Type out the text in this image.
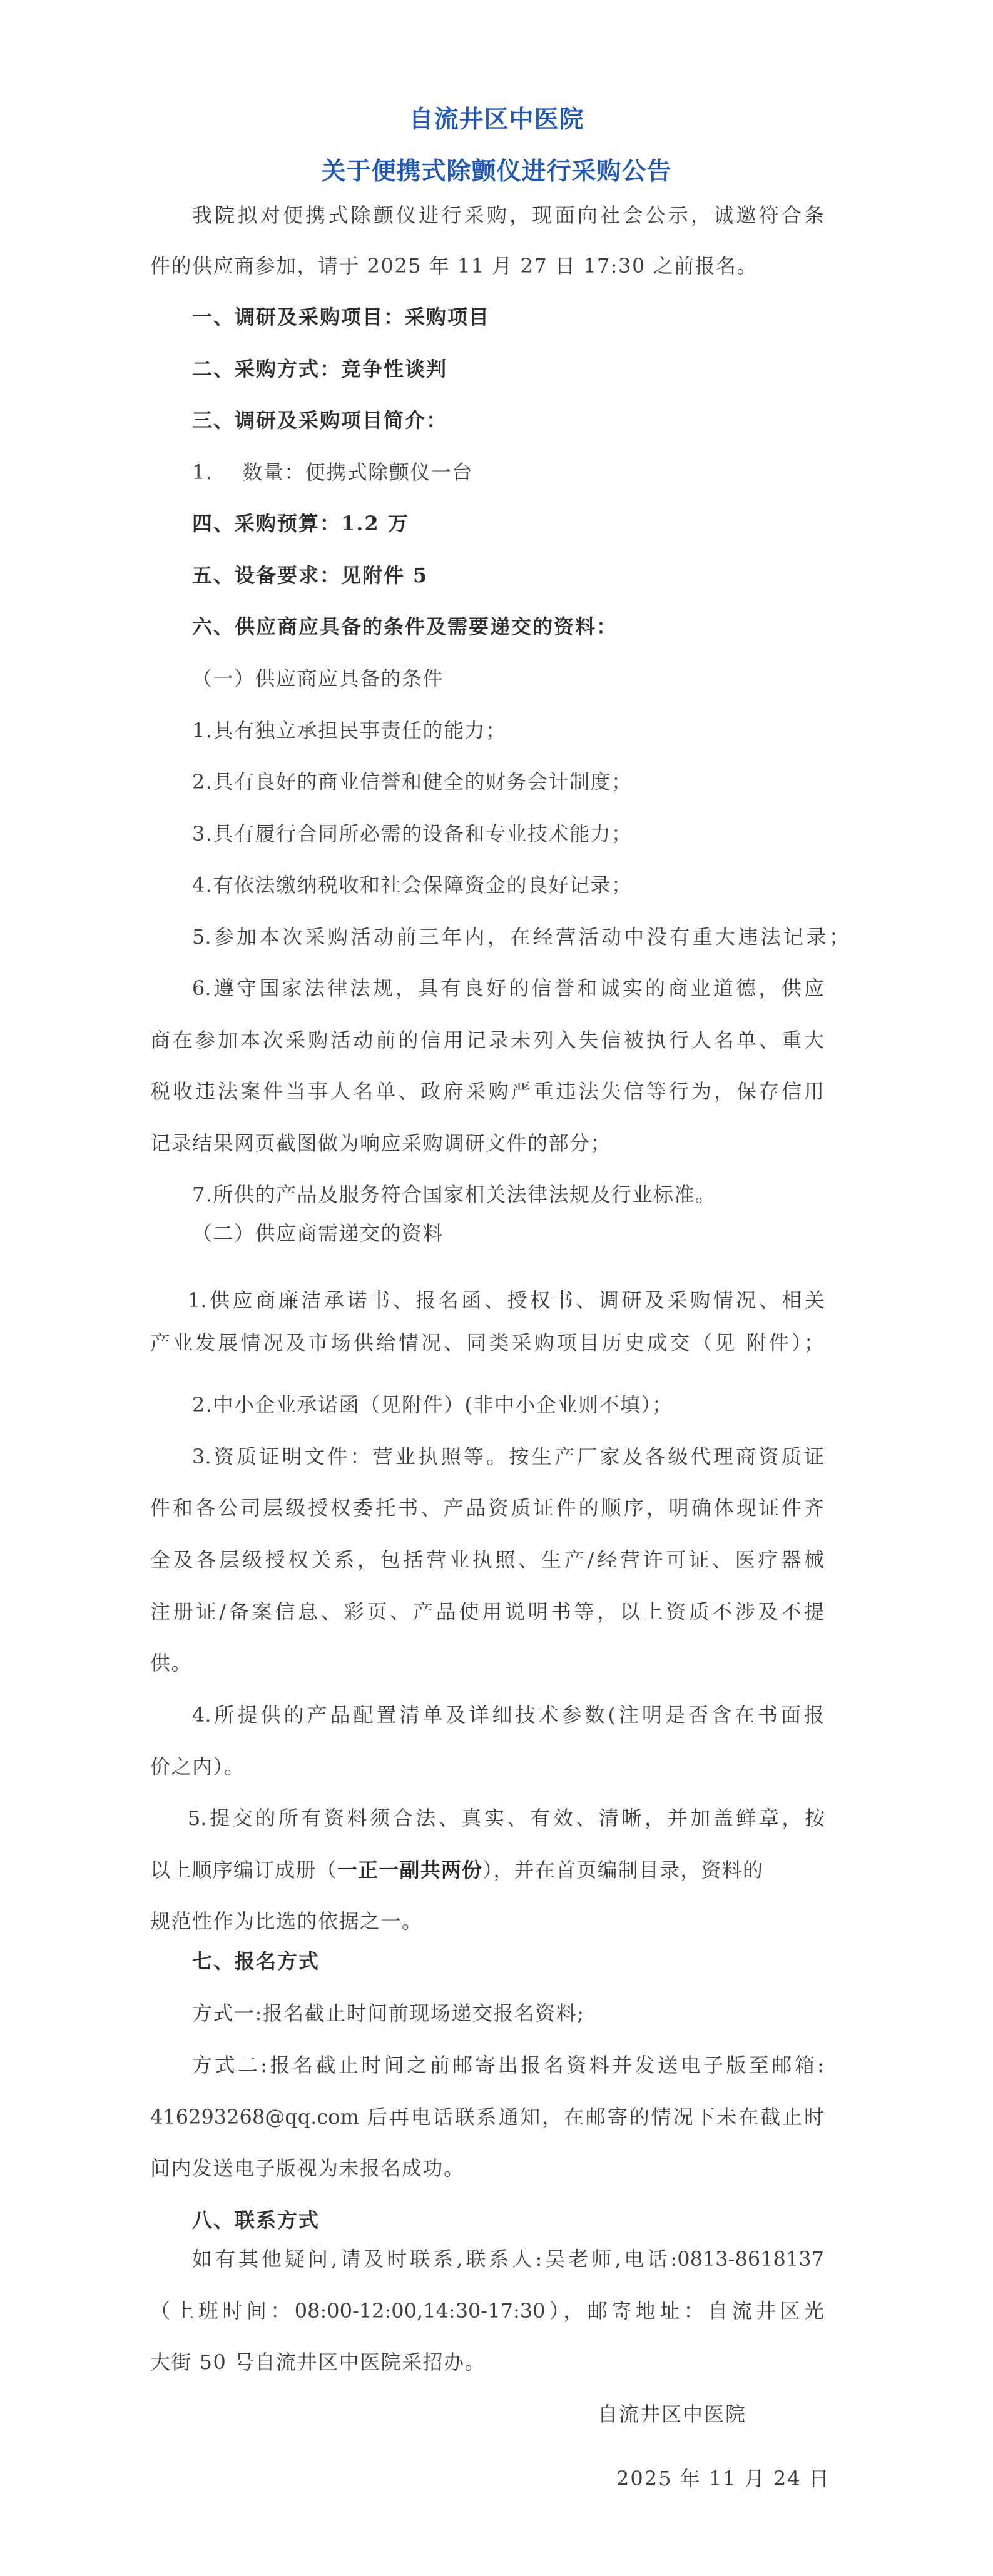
自流井区中医院
关于便携式除颤仪进行采购公告
我院拟对便携式除颤仪进行采购，现面向社会公示，诚邀符合条
件的供应商参加，请于 2025 年 11 月 27 日 17:30 之前报名。
一、调研及采购项目：采购项目
二、采购方式：竞争性谈判
三、调研及采购项目简介：
1.    数量：便携式除颤仪一台
四、采购预算：1.2 万
五、设备要求：见附件 5
六、供应商应具备的条件及需要递交的资料：
（一）供应商应具备的条件
1.具有独立承担民事责任的能力；
2.具有良好的商业信誉和健全的财务会计制度；
3.具有履行合同所必需的设备和专业技术能力；
4.有依法缴纳税收和社会保障资金的良好记录；
5.参加本次采购活动前三年内，在经营活动中没有重大违法记录；
6.遵守国家法律法规，具有良好的信誉和诚实的商业道德，供应
商在参加本次采购活动前的信用记录未列入失信被执行人名单、重大
税收违法案件当事人名单、政府采购严重违法失信等行为，保存信用
记录结果网页截图做为响应采购调研文件的部分；
7.所供的产品及服务符合国家相关法律法规及行业标准。
（二）供应商需递交的资料
1.供应商廉洁承诺书、报名函、授权书、调研及采购情况、相关
产业发展情况及市场供给情况、同类采购项目历史成交（见 附件）；
2.中小企业承诺函（见附件）(非中小企业则不填）；
3.资质证明文件：营业执照等。按生产厂家及各级代理商资质证
件和各公司层级授权委托书、产品资质证件的顺序，明确体现证件齐
全及各层级授权关系，包括营业执照、生产/经营许可证、医疗器械
注册证/备案信息、彩页、产品使用说明书等，以上资质不涉及不提
供。
4.所提供的产品配置清单及详细技术参数(注明是否含在书面报
价之内）。
5.提交的所有资料须合法、真实、有效、清晰，并加盖鲜章，按
以上顺序编订成册（一正一副共两份），并在首页编制目录，资料的
规范性作为比选的依据之一。
七、报名方式
方式一:报名截止时间前现场递交报名资料;
方式二:报名截止时间之前邮寄出报名资料并发送电子版至邮箱:
416293268@qq.com 后再电话联系通知，在邮寄的情况下未在截止时
间内发送电子版视为未报名成功。
八、联系方式
如有其他疑问,请及时联系,联系人:吴老师,电话:0813-8618137
（上班时间：08:00-12:00,14:30-17:30），邮寄地址：自流井区光
大街 50 号自流井区中医院采招办。
自流井区中医院
2025 年 11 月 24 日
